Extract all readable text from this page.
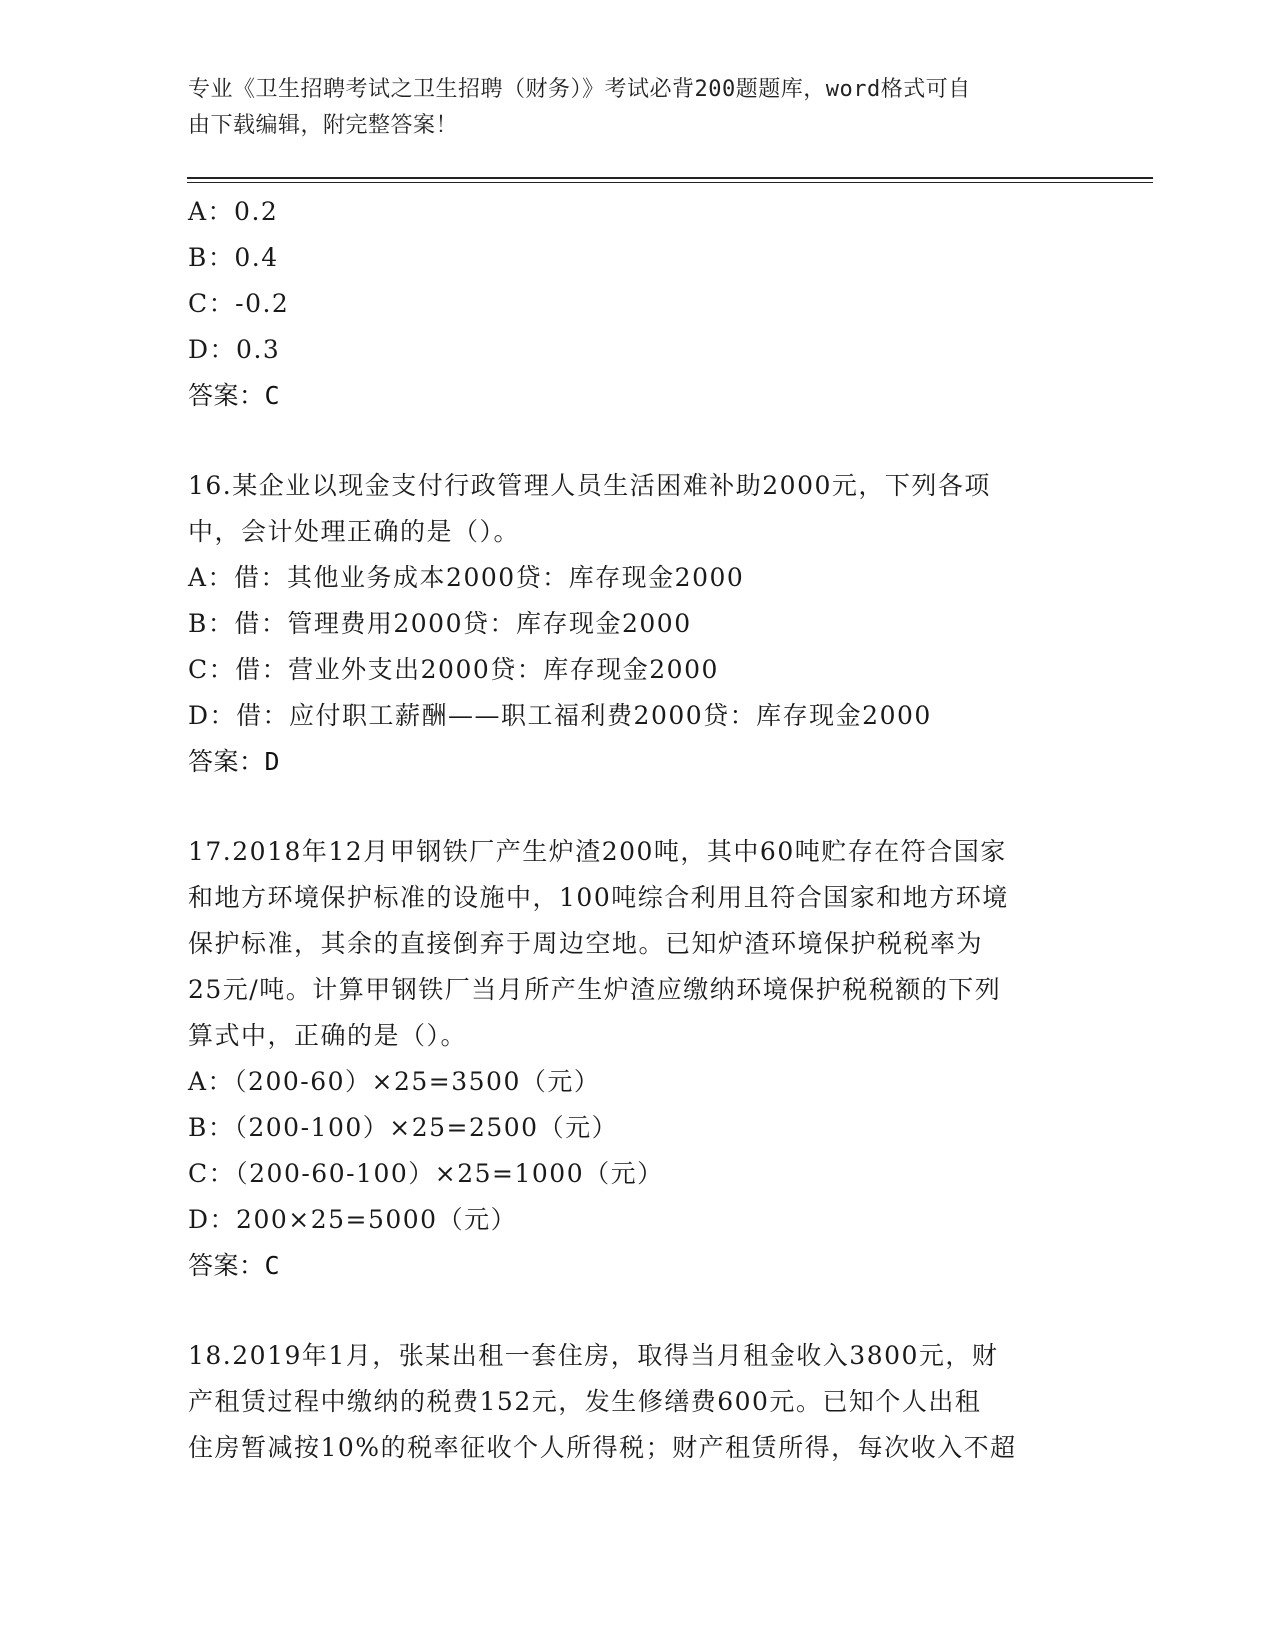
专业《卫生招聘考试之卫生招聘（财务）》考试必背200题题库，word格式可自
由下载编辑，附完整答案！
A：0.2
B：0.4
C：-0.2
D：0.3
答案：C
16.某企业以现金支付行政管理人员生活困难补助2000元，下列各项
中，会计处理正确的是（）。
A：借：其他业务成本2000贷：库存现金2000
B：借：管理费用2000贷：库存现金2000
C：借：营业外支出2000贷：库存现金2000
D：借：应付职工薪酬——职工福利费2000贷：库存现金2000
答案：D
17.2018年12月甲钢铁厂产生炉渣200吨，其中60吨贮存在符合国家
和地方环境保护标准的设施中，100吨综合利用且符合国家和地方环境
保护标准，其余的直接倒弃于周边空地。已知炉渣环境保护税税率为
25元/吨。计算甲钢铁厂当月所产生炉渣应缴纳环境保护税税额的下列
算式中，正确的是（）。
A：（200-60）×25=3500（元）
B：（200-100）×25=2500（元）
C：（200-60-100）×25=1000（元）
D：200×25=5000（元）
答案：C
18.2019年1月，张某出租一套住房，取得当月租金收入3800元，财
产租赁过程中缴纳的税费152元，发生修缮费600元。已知个人出租
住房暂减按10%的税率征收个人所得税；财产租赁所得，每次收入不超
